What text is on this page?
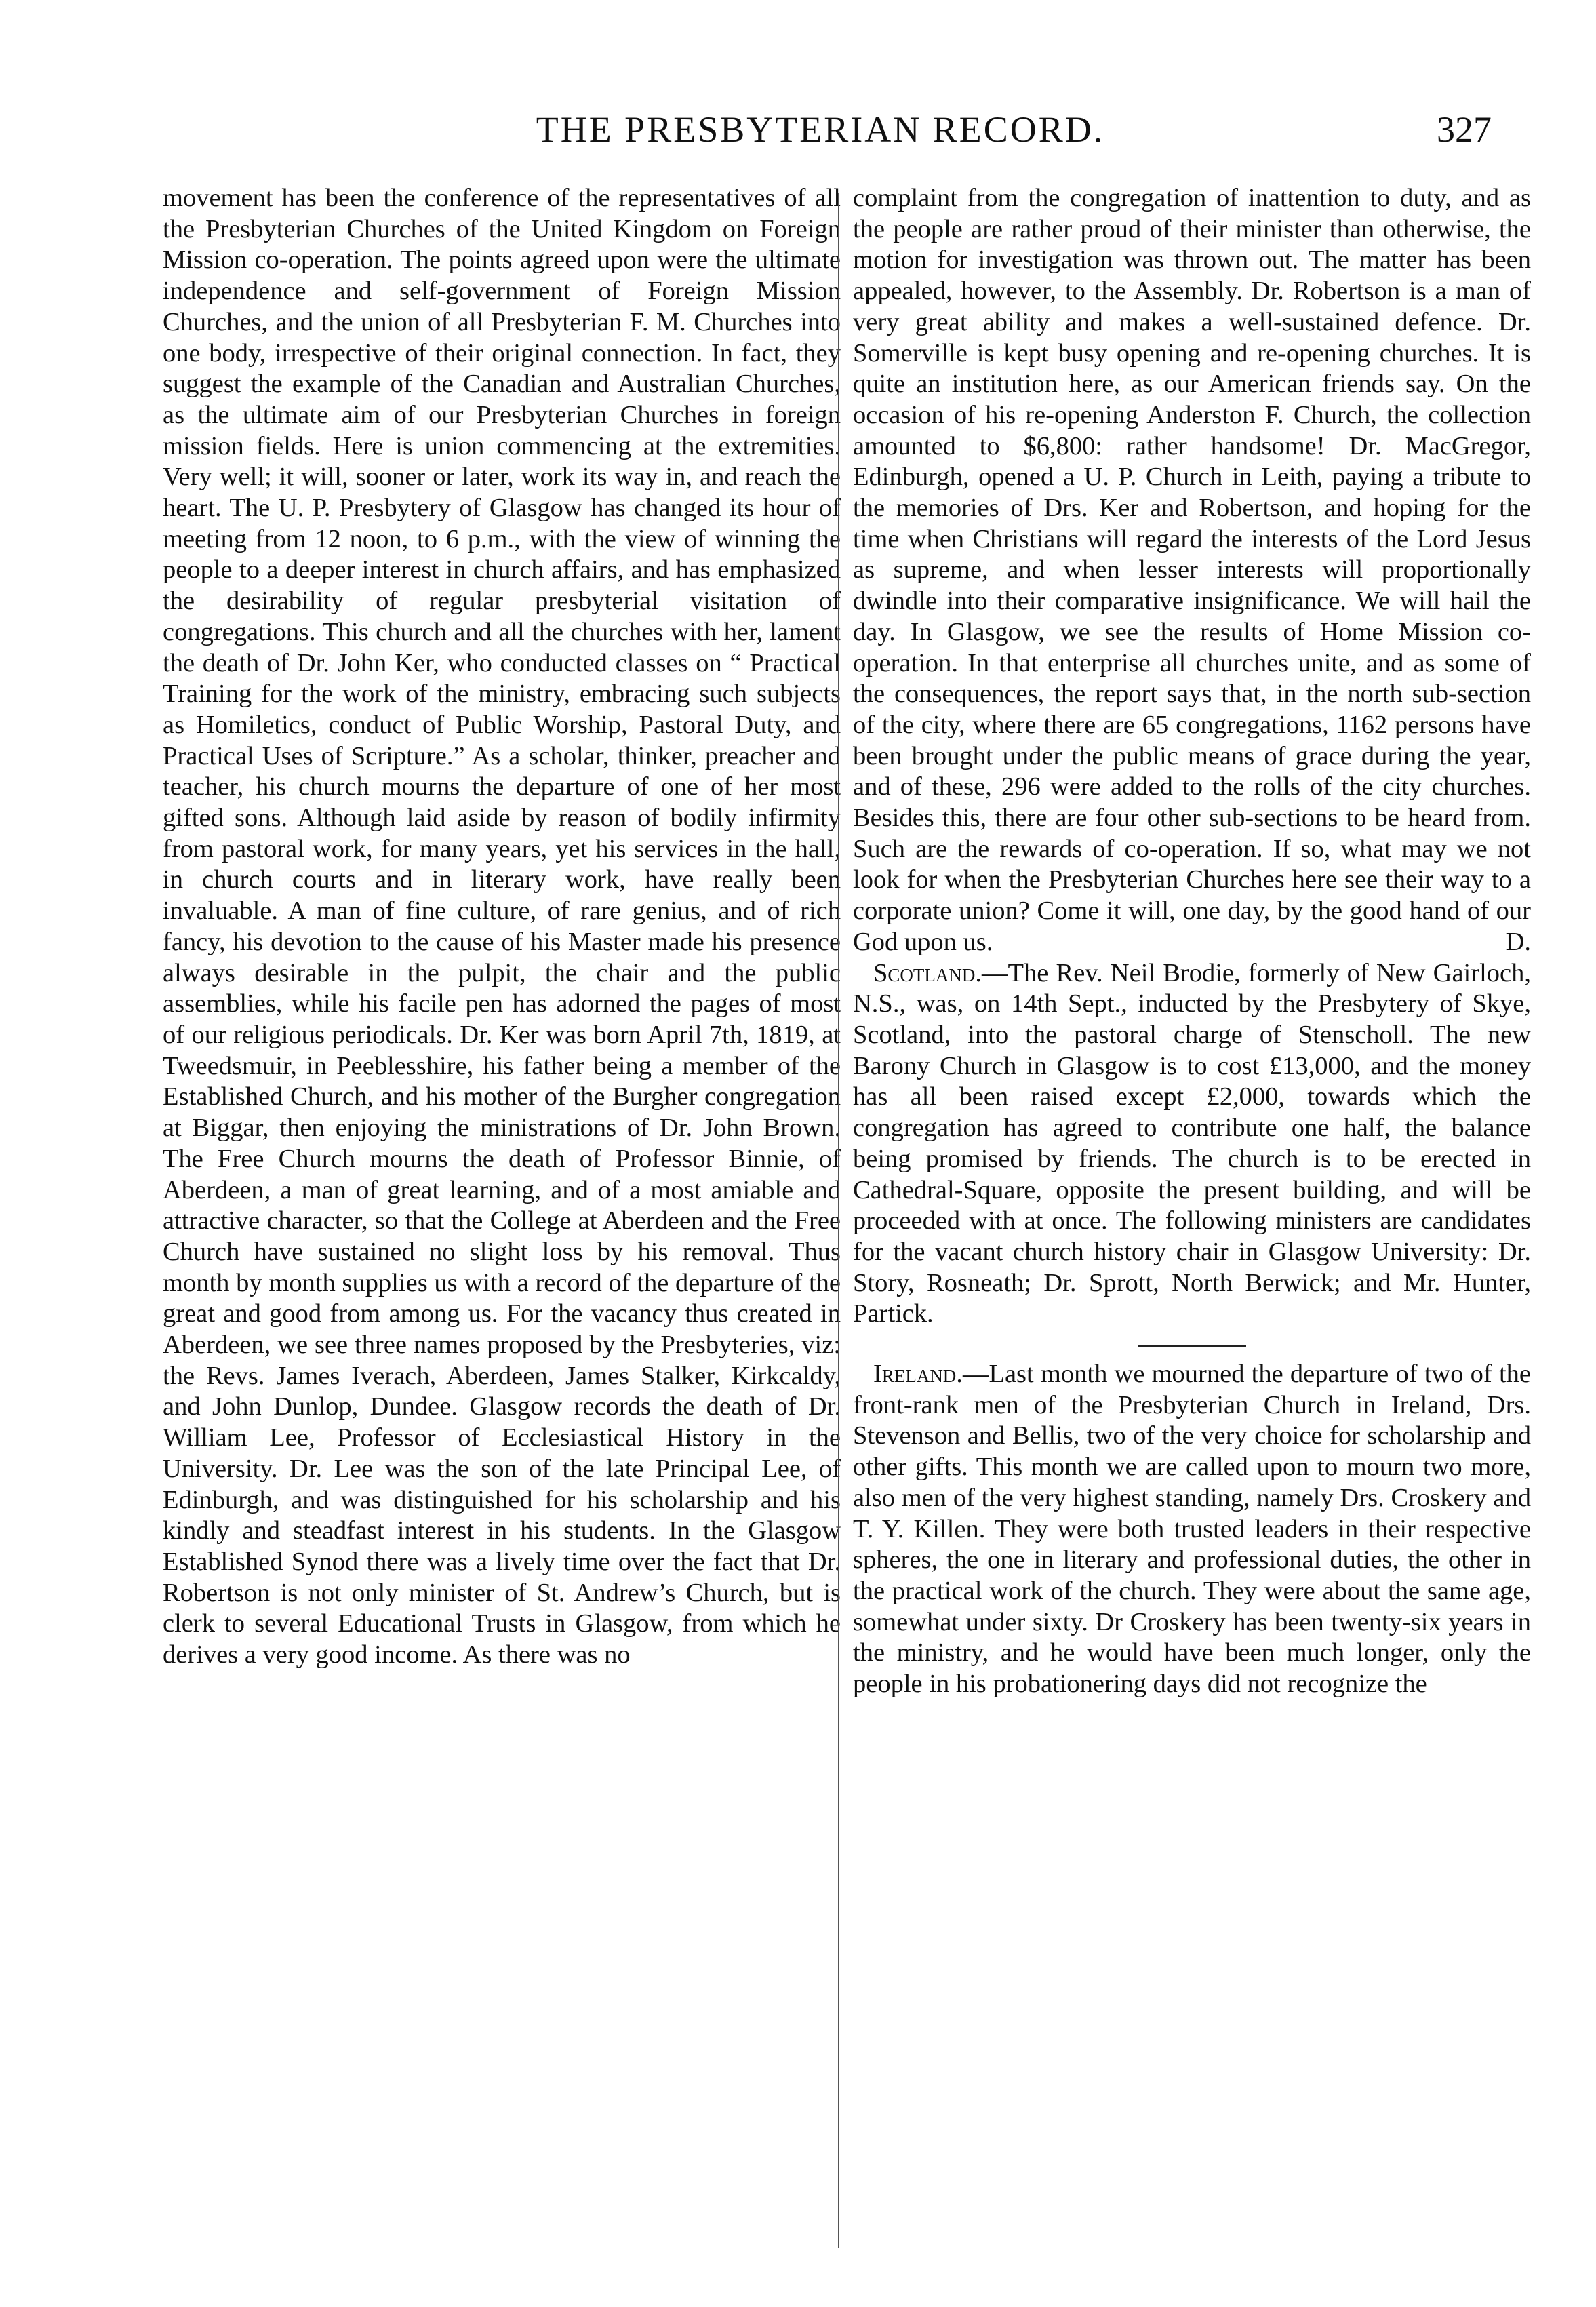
THE PRESBYTERIAN RECORD.	327

movement has been the conference of the representatives of all the Presbyterian Churches of the United Kingdom on Foreign Mission co-operation. The points agreed upon were the ultimate independence and self-government of Foreign Mission Churches, and the union of all Presbyterian F. M. Churches into one body, irrespective of their original connection. In fact, they suggest the example of the Canadian and Australian Churches, as the ultimate aim of our Presbyterian Churches in foreign mission fields. Here is union commencing at the extremities. Very well; it will, sooner or later, work its way in, and reach the heart. The U. P. Presbytery of Glasgow has changed its hour of meeting from 12 noon, to 6 p.m., with the view of winning the people to a deeper interest in church affairs, and has emphasized the desirability of regular presbyterial visitation of congregations. This church and all the churches with her, lament the death of Dr. John Ker, who conducted classes on “ Practical Training for the work of the ministry, embracing such subjects as Homiletics, conduct of Public Worship, Pastoral Duty, and Practical Uses of Scripture.” As a scholar, thinker, preacher and teacher, his church mourns the departure of one of her most gifted sons. Although laid aside by reason of bodily infirmity from pastoral work, for many years, yet his services in the hall, in church courts and in literary work, have really been invaluable. A man of fine culture, of rare genius, and of rich fancy, his devotion to the cause of his Master made his presence always desirable in the pulpit, the chair and the public assemblies, while his facile pen has adorned the pages of most of our religious periodicals. Dr. Ker was born April 7th, 1819, at Tweedsmuir, in Peeblesshire, his father being a member of the Established Church, and his mother of the Burgher congregation at Biggar, then enjoying the ministrations of Dr. John Brown. The Free Church mourns the death of Professor Binnie, of Aberdeen, a man of great learning, and of a most amiable and attractive character, so that the College at Aberdeen and the Free Church have sustained no slight loss by his removal. Thus month by month supplies us with a record of the departure of the great and good from among us. For the vacancy thus created in Aberdeen, we see three names proposed by the Presbyteries, viz: the Revs. James Iverach, Aberdeen, James Stalker, Kirkcaldy, and John Dunlop, Dundee. Glasgow records the death of Dr. William Lee, Professor of Ecclesiastical History in the University. Dr. Lee was the son of the late Principal Lee, of Edinburgh, and was distinguished for his scholarship and his kindly and steadfast interest in his students. In the Glasgow Established Synod there was a lively time over the fact that Dr. Robertson is not only minister of St. Andrew’s Church, but is clerk to several Educational Trusts in Glasgow, from which he derives a very good income. As there was no

complaint from the congregation of inattention to duty, and as the people are rather proud of their minister than otherwise, the motion for investigation was thrown out. The matter has been appealed, however, to the Assembly. Dr. Robertson is a man of very great ability and makes a well-sustained defence. Dr. Somerville is kept busy opening and re-opening churches. It is quite an institution here, as our American friends say. On the occasion of his re-opening Anderston F. Church, the collection amounted to $6,800: rather handsome! Dr. MacGregor, Edinburgh, opened a U. P. Church in Leith, paying a tribute to the memories of Drs. Ker and Robertson, and hoping for the time when Christians will regard the interests of the Lord Jesus as supreme, and when lesser interests will proportionally dwindle into their comparative insignificance. We will hail the day. In Glasgow, we see the results of Home Mission co-operation. In that enterprise all churches unite, and as some of the consequences, the report says that, in the north sub-section of the city, where there are 65 congregations, 1162 persons have been brought under the public means of grace during the year, and of these, 296 were added to the rolls of the city churches. Besides this, there are four other sub-sections to be heard from. Such are the rewards of co-operation. If so, what may we not look for when the Presbyterian Churches here see their way to a corporate union? Come it will, one day, by the good hand of our God upon us.	D.

Scotland.—The Rev. Neil Brodie, formerly of New Gairloch, N.S., was, on 14th Sept., inducted by the Presbytery of Skye, Scotland, into the pastoral charge of Stenscholl. The new Barony Church in Glasgow is to cost £13,000, and the money has all been raised except £2,000, towards which the congregation has agreed to contribute one half, the balance being promised by friends. The church is to be erected in Cathedral-Square, opposite the present building, and will be proceeded with at once. The following ministers are candidates for the vacant church history chair in Glasgow University: Dr. Story, Rosneath; Dr. Sprott, North Berwick; and Mr. Hunter, Partick.

Ireland.—Last month we mourned the departure of two of the front-rank men of the Presbyterian Church in Ireland, Drs. Stevenson and Bellis, two of the very choice for scholarship and other gifts. This month we are called upon to mourn two more, also men of the very highest standing, namely Drs. Croskery and T. Y. Killen. They were both trusted leaders in their respective spheres, the one in literary and professional duties, the other in the practical work of the church. They were about the same age, somewhat under sixty. Dr Croskery has been twenty-six years in the ministry, and he would have been much longer, only the people in his probationering days did not recognize the
